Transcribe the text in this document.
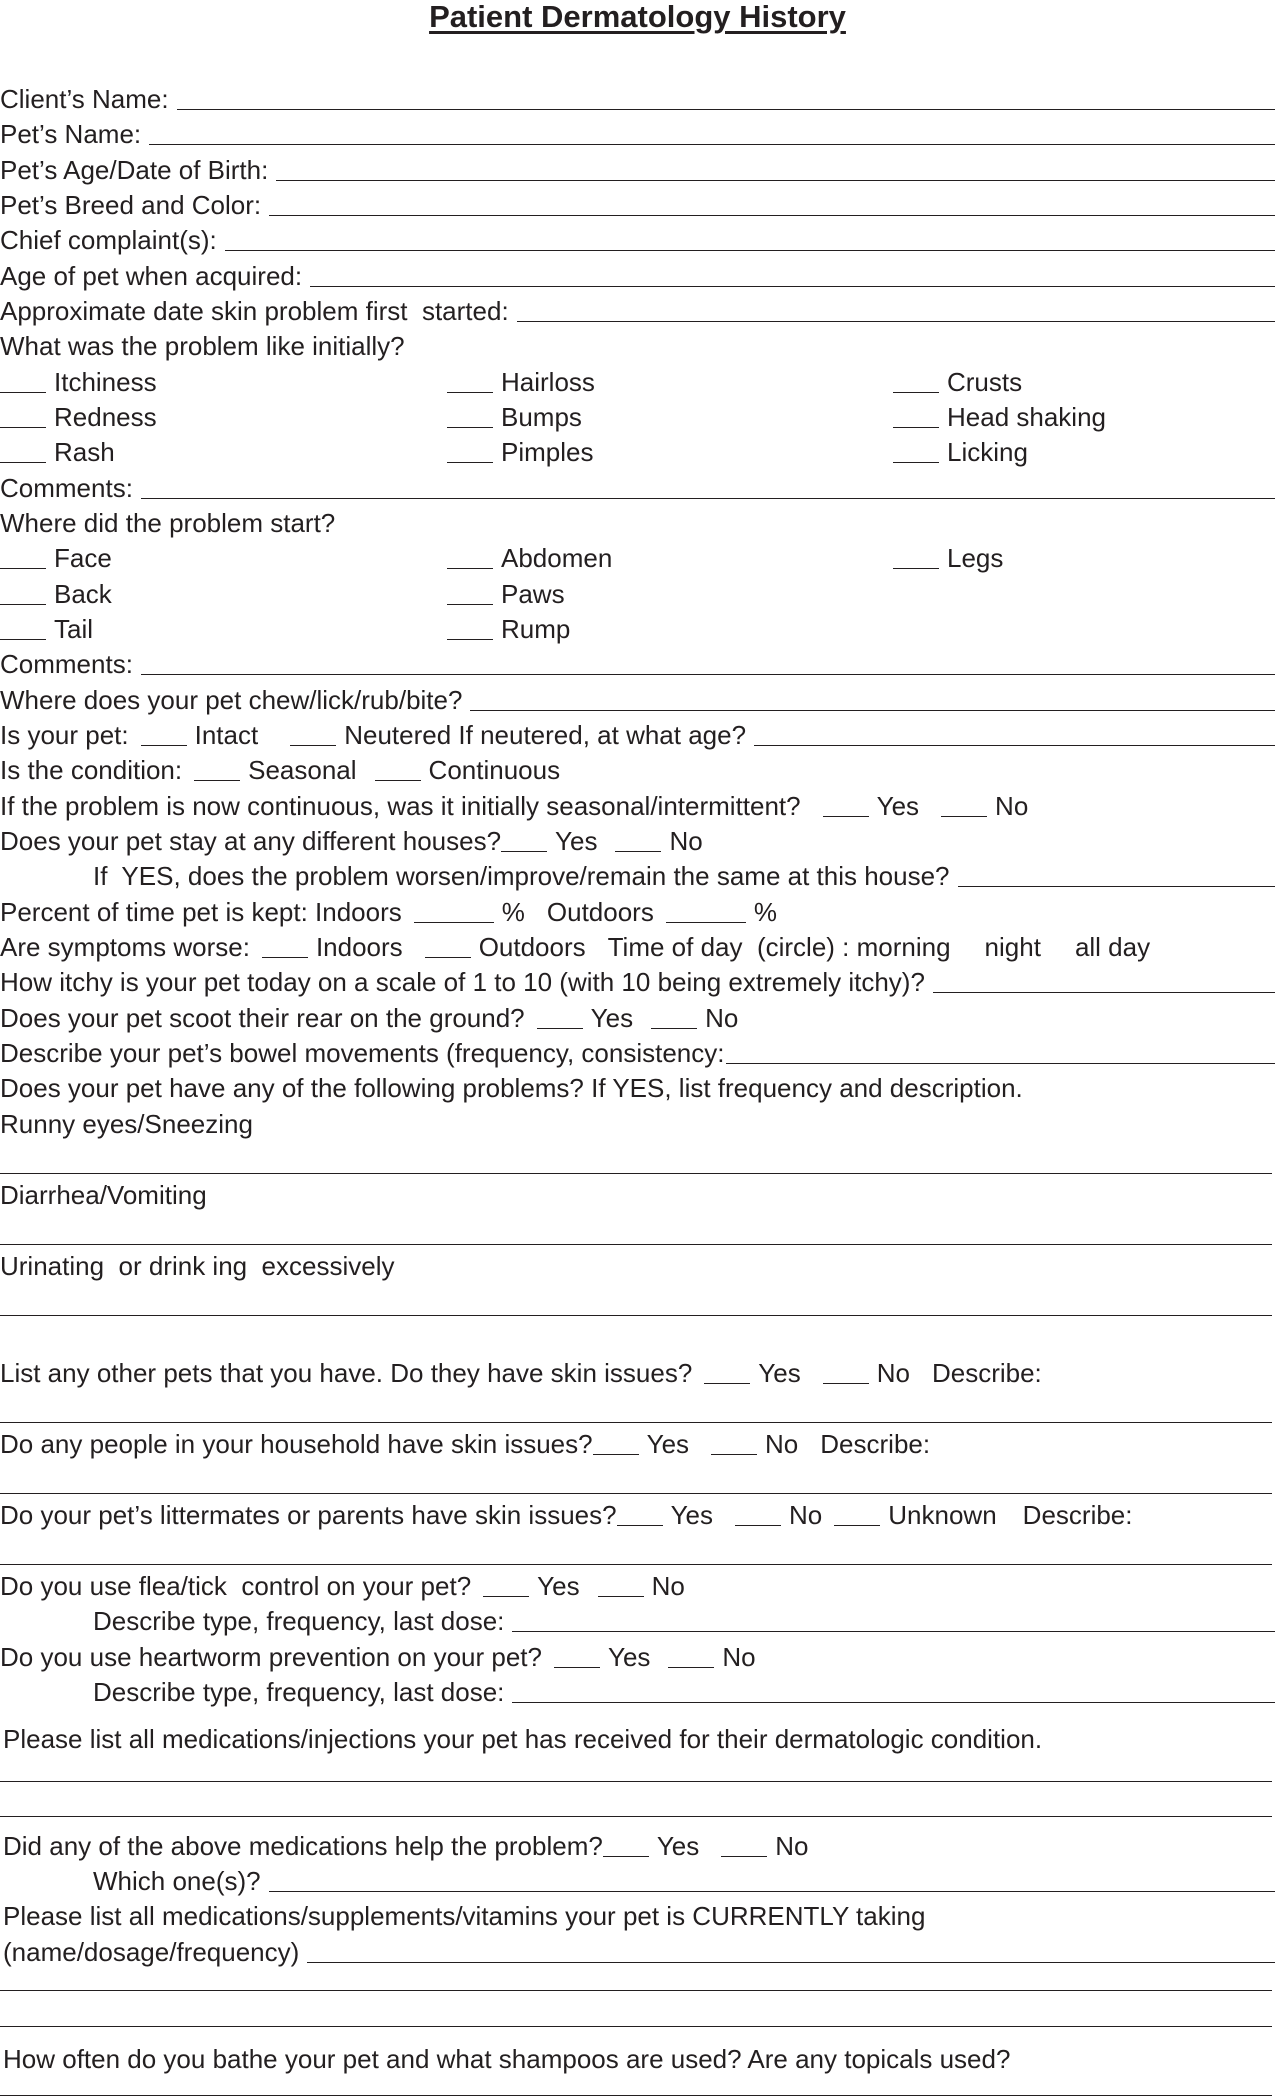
Patient Dermatology History
Client’s Name:
Pet’s Name:
Pet’s Age/Date of Birth:
Pet’s Breed and Color:
Chief complaint(s):
Age of pet when acquired:
Approximate date skin problem first  started:
What was the problem like initially?
Itchiness	Hairloss	Crusts
Redness	Bumps	Head shaking
Rash	Pimples	Licking
Comments:
Where did the problem start?
Face	Abdomen	Legs
Back	Paws
Tail	Rump
Comments:
Where does your pet chew/lick/rub/bite?
Is your pet:	Intact	Neutered If neutered, at what age?
Is the condition:	Seasonal	Continuous
If the problem is now continuous, was it initially seasonal/intermittent?	Yes	No
Does your pet stay at any different houses? Yes	No
If  YES, does the problem worsen/improve/remain the same at this house?
Percent of time pet is kept: Indoors	% Outdoors	%
Are symptoms worse:	Indoors	Outdoors Time of day  (circle) : morning night all day
How itchy is your pet today on a scale of 1 to 10 (with 10 being extremely itchy)?
Does your pet scoot their rear on the ground?	Yes	No
Describe your pet’s bowel movements (frequency, consistency:
Does your pet have any of the following problems? If YES, list frequency and description.
Runny eyes/Sneezing
Diarrhea/Vomiting
Urinating  or drink ing  excessively
List any other pets that you have. Do they have skin issues?	Yes	No Describe:
Do any people in your household have skin issues? Yes	No Describe:
Do your pet’s littermates or parents have skin issues? Yes	No	Unknown Describe:
Do you use flea/tick  control on your pet?	Yes	No
Describe type, frequency, last dose:
Do you use heartworm prevention on your pet?	Yes	No
Describe type, frequency, last dose:
Please list all medications/injections your pet has received for their dermatologic condition.
Did any of the above medications help the problem? Yes	No
Which one(s)?
Please list all medications/supplements/vitamins your pet is CURRENTLY taking
(name/dosage/frequency)
How often do you bathe your pet and what shampoos are used? Are any topicals used?
